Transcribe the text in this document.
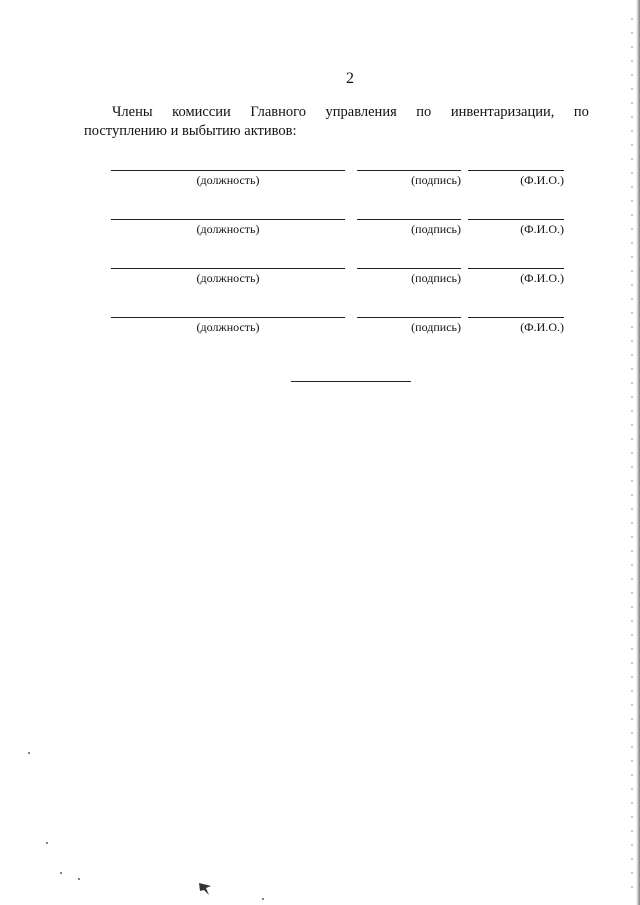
2
Члены комиссии Главного управления по инвентаризации, по
поступлению и выбытию активов:
(должность)	(подпись)	(Ф.И.О.)
(должность)	(подпись)	(Ф.И.О.)
(должность)	(подпись)	(Ф.И.О.)
(должность)	(подпись)	(Ф.И.О.)
